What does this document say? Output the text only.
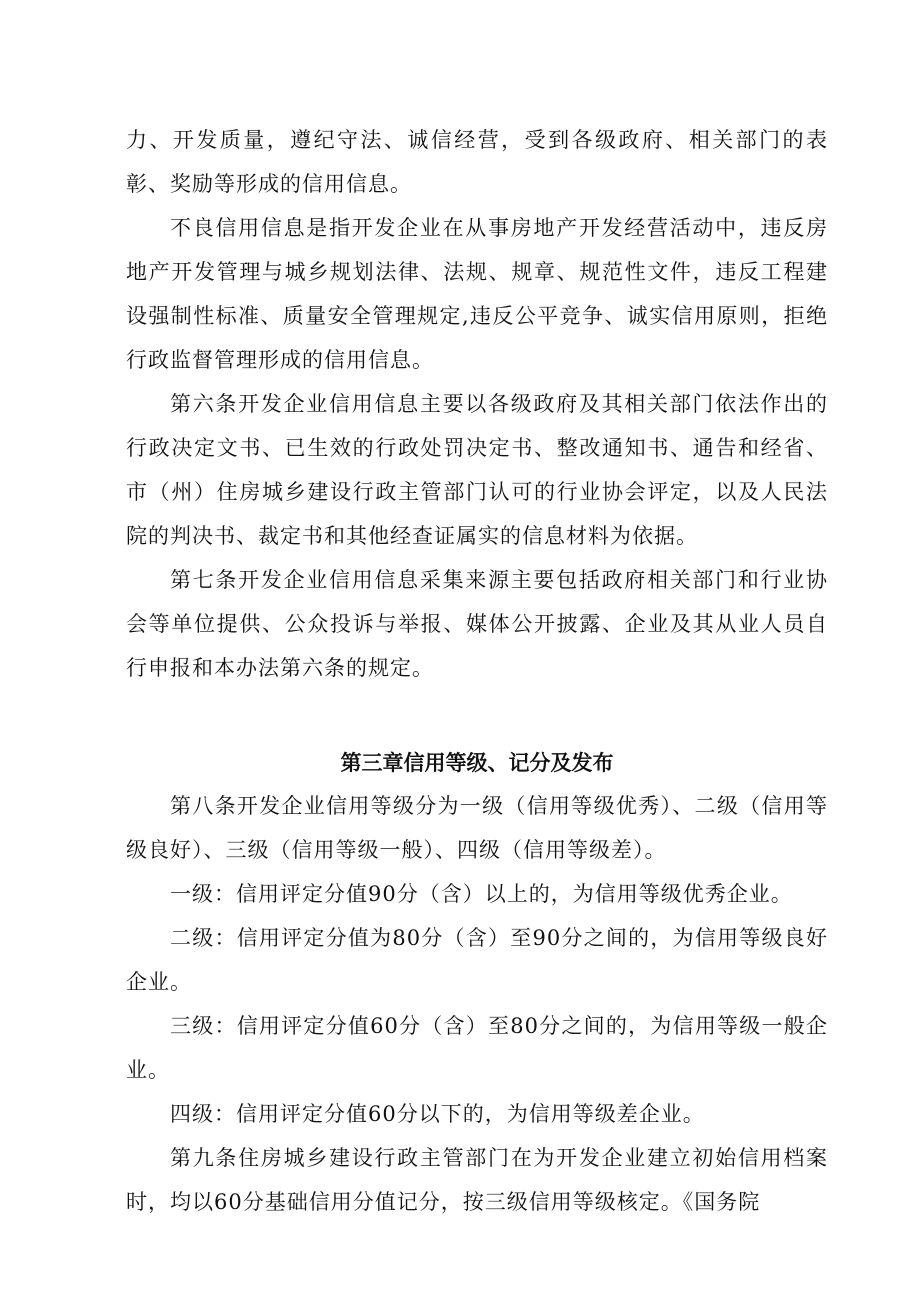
力、开发质量，遵纪守法、诚信经营，受到各级政府、相关部门的表彰、奖励等形成的信用信息。

不良信用信息是指开发企业在从事房地产开发经营活动中，违反房地产开发管理与城乡规划法律、法规、规章、规范性文件，违反工程建设强制性标准、质量安全管理规定,违反公平竞争、诚实信用原则，拒绝行政监督管理形成的信用信息。

第六条开发企业信用信息主要以各级政府及其相关部门依法作出的行政决定文书、已生效的行政处罚决定书、整改通知书、通告和经省、市（州）住房城乡建设行政主管部门认可的行业协会评定，以及人民法院的判决书、裁定书和其他经查证属实的信息材料为依据。

第七条开发企业信用信息采集来源主要包括政府相关部门和行业协会等单位提供、公众投诉与举报、媒体公开披露、企业及其从业人员自行申报和本办法第六条的规定。

第三章信用等级、记分及发布

第八条开发企业信用等级分为一级（信用等级优秀）、二级（信用等级良好）、三级（信用等级一般）、四级（信用等级差）。

一级：信用评定分值90分（含）以上的，为信用等级优秀企业。

二级：信用评定分值为80分（含）至90分之间的，为信用等级良好企业。

三级：信用评定分值60分（含）至80分之间的，为信用等级一般企业。

四级：信用评定分值60分以下的，为信用等级差企业。

第九条住房城乡建设行政主管部门在为开发企业建立初始信用档案时，均以60分基础信用分值记分，按三级信用等级核定。《国务院
